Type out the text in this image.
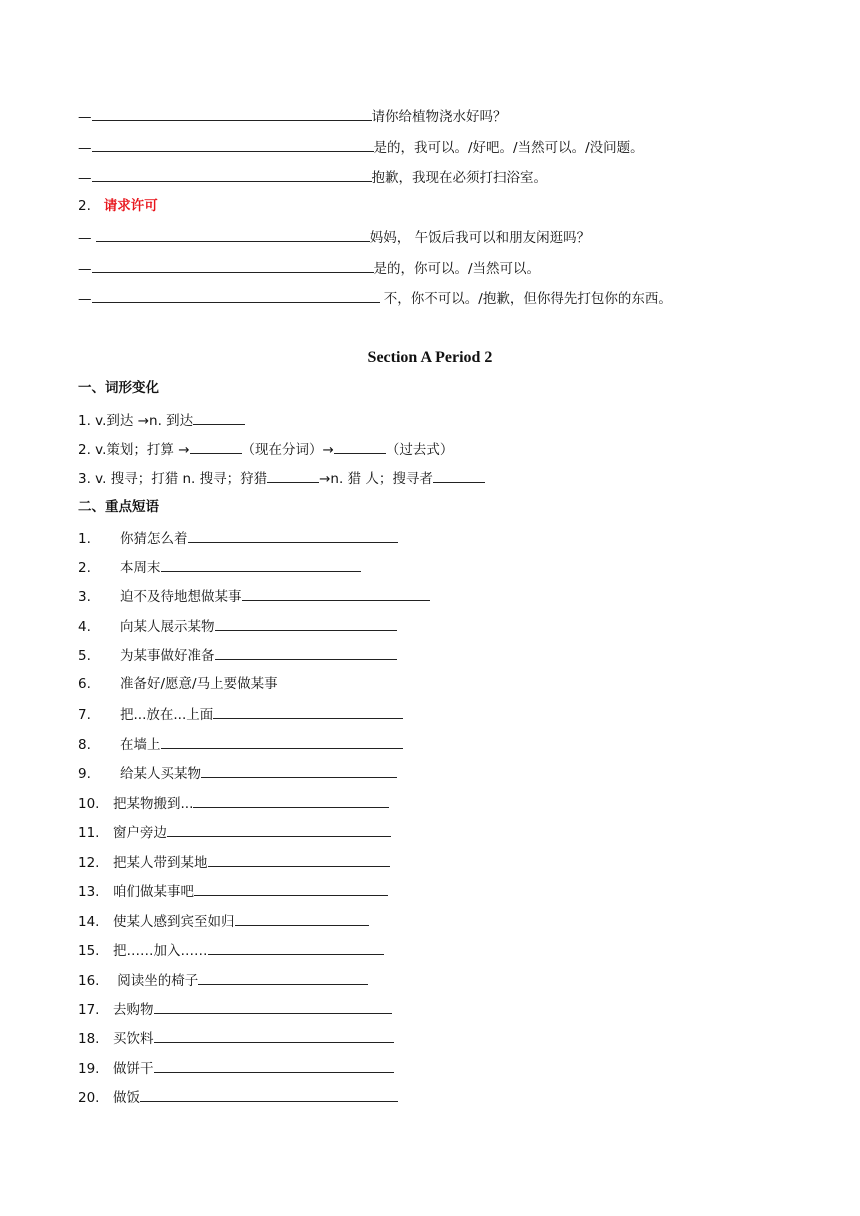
—	请你给植物浇水好吗？
—	是的，我可以。/好吧。/当然可以。/没问题。
—	抱歉，我现在必须打扫浴室。
2. 请求许可
—	妈妈， 午饭后我可以和朋友闲逛吗？
—	是的，你可以。/当然可以。
—	不，你不可以。/抱歉，但你得先打包你的东西。
Section A Period 2
一、词形变化
1. v.到达 →n. 到达
2. v.策划；打算 →	（现在分词）→	（过去式）
3. v. 搜寻；打猎 n. 搜寻；狩猎	→n. 猎 人；搜寻者
二、重点短语
1. 你猜怎么着
2. 本周末
3. 迫不及待地想做某事
4. 向某人展示某物
5. 为某事做好准备
6. 准备好/愿意/马上要做某事
7. 把...放在...上面
8. 在墙上
9. 给某人买某物
10. 把某物搬到...
11. 窗户旁边
12. 把某人带到某地
13. 咱们做某事吧
14. 使某人感到宾至如归
15. 把……加入……
16. 阅读坐的椅子
17. 去购物
18. 买饮料
19. 做饼干
20. 做饭
